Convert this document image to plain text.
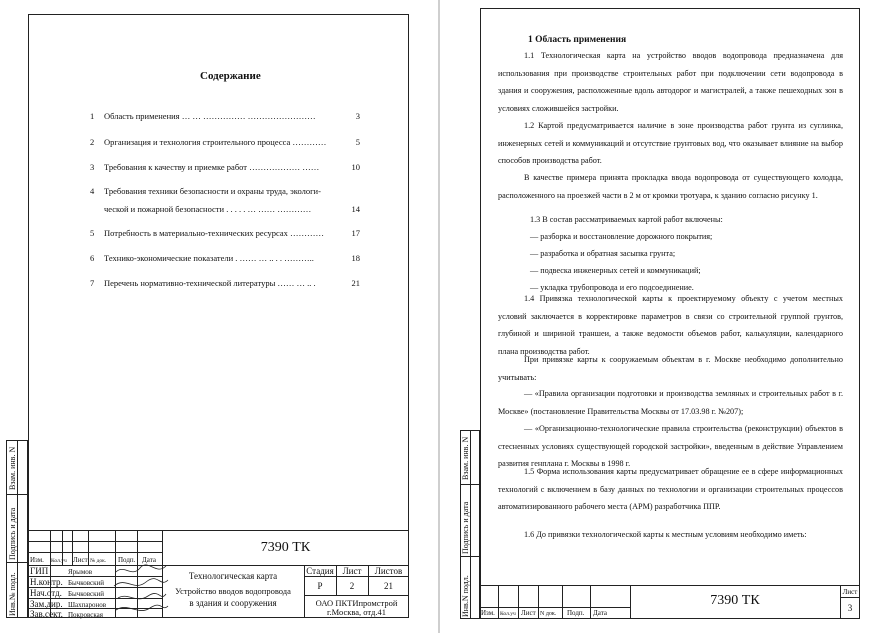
Инв.№ подл.
Подпись и дата
Взам. инв. N
Содержание
1 Область применения … … …………… ……………………	3
2 Организация и технология строительного процесса …………	5
3 Требования к качеству и приемке работ ……………… ……	10
4 Требования техники безопасности и охраны труда, экологи-
ческой и пожарной безопасности . . . . . … …… …………	14
5 Потребность в материально-технических ресурсах …………	17
6 Технико-экономические показатели . …… … .. . . ………..	18
7 Перечень нормативно-технической литературы …… … .. .	21
Изм. Кол.уч Лист № док. Подп. Дата
ГИП	Ярымов
Н.контр. Бычковский
Нач.отд. Бычковский
Зам.дир. Шахпаронов
Зав.сект. Покровская
7390 ТК
Технологическая карта
Устройство вводов водопровода
в здания и сооружения
Стадия Лист	Листов
Р	2	21
ОАО ПКТИпромстрой
г.Москва, отд.41	Инв.N подл.
Подпись и дата
Взам. инв. N
1 Область применения

1.1 Технологическая карта на устройство вводов водопровода предназначена для использования при производстве строительных работ при подключении сети водопровода в здания и сооружения, расположенные вдоль автодорог и магистралей, а также пешеходных зон в условиях сложившейся застройки.

1.2 Картой предусматривается наличие в зоне производства работ грунта из суглинка, инженерных сетей и коммуникаций и отсутствие грунтовых вод, что оказывает влияние на выбор способов производства работ.

В качестве примера принята прокладка ввода водопровода от существующего колодца, расположенного на проезжей части в 2 м от кромки тротуара, к зданию согласно рисунку 1.

1.3 В состав рассматриваемых картой работ включены:
— разборка и восстановление дорожного покрытия;
— разработка и обратная засыпка грунта;
— подвеска инженерных сетей и коммуникаций;
— укладка трубопровода и его подсоединение.

1.4 Привязка технологической карты к проектируемому объекту с учетом местных условий заключается в корректировке параметров в связи со строительной группой грунтов, глубиной и шириной траншеи, а также ведомости объемов работ, калькуляции, календарного плана производства работ.

При привязке карты к сооружаемым объектам в г. Москве необходимо дополнительно учитывать:

— «Правила организации подготовки и производства земляных и строительных работ в г. Москве» (постановление Правительства Москвы от 17.03.98 г. №207);

— «Организационно-технологические правила строительства (реконструкции) объектов в стесненных условиях существующей городской застройки», введенным в действие Управлением развития генплана г. Москвы в 1998 г.

1.5 Форма использования карты предусматривает обращение ее в сфере информационных технологий с включением в базу данных по технологии и организации строительных процессов автоматизированного рабочего места (АРМ) разработчика ППР.

1.6 До привязки технологической карты к местным условиям необходимо иметь:
Изм. Кол.уч Лист N док. Подп. Дата
7390 ТК
Лист
3
